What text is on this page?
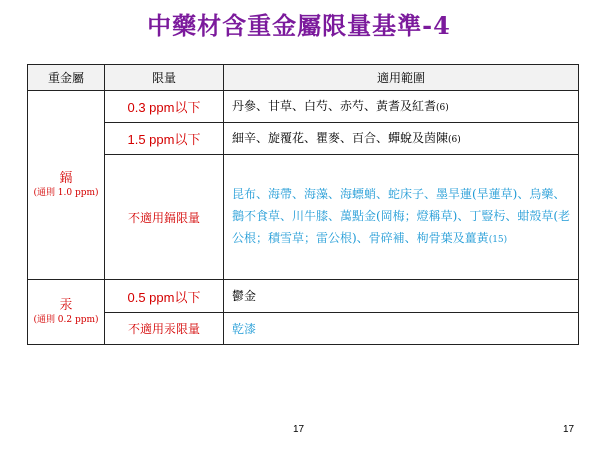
中藥材含重金屬限量基準-4
重金屬	限量	適用範圍

鎘
(通則 1.0 ppm)	0.3 ppm以下	丹參、甘草、白芍、赤芍、黃耆及紅耆(6)
	1.5 ppm以下	細辛、旋覆花、瞿麥、百合、蟬蛻及茵陳(6)
	不適用鎘限量	昆布、海帶、海藻、海螵蛸、蛇床子、墨旱蓮(旱蓮草)、烏藥、鵝不食草、川牛膝、萬點金(岡梅；燈稱草)、丁豎杇、蚶殼草(老公根；積雪草；雷公根)、骨碎補、枸骨葉及薑黃(15)

汞
(通則 0.2 ppm)	0.5 ppm以下	鬱金
	不適用汞限量	乾漆
17	17
